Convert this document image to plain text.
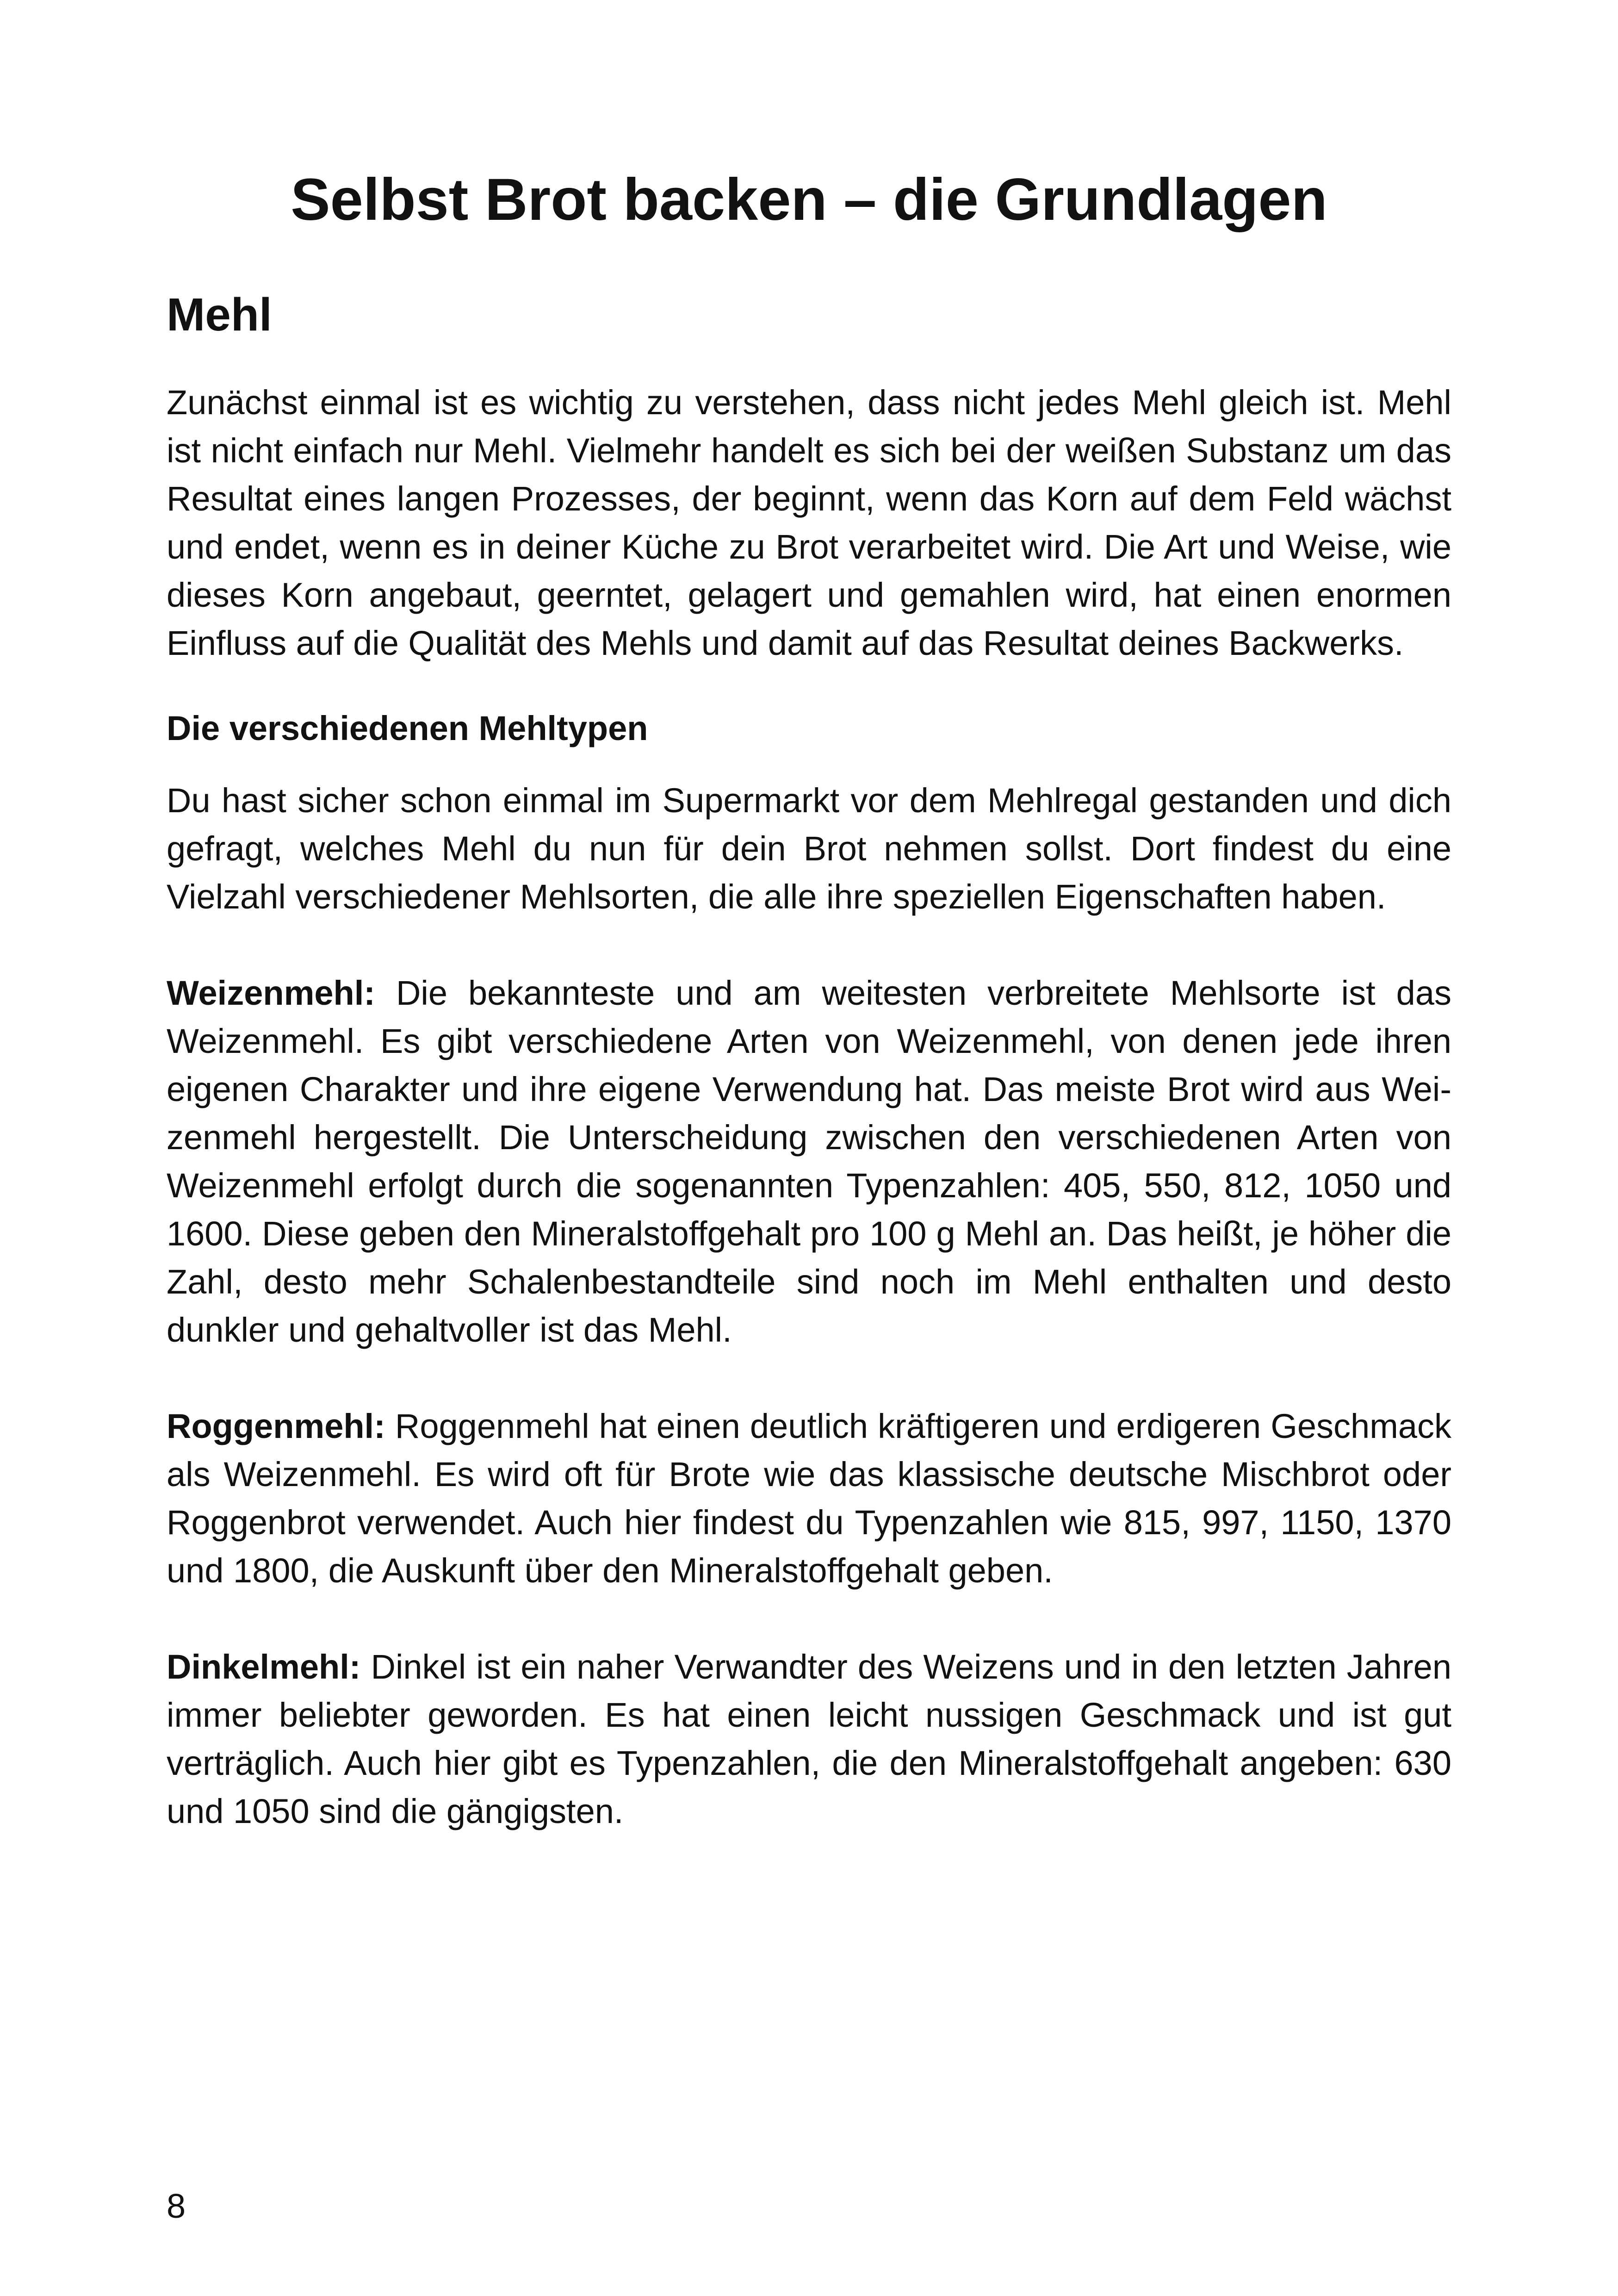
Selbst Brot backen – die Grundlagen
Mehl

Zunächst einmal ist es wichtig zu verstehen, dass nicht jedes Mehl gleich ist. Mehl ist nicht einfach nur Mehl. Vielmehr handelt es sich bei der weißen Substanz um das Resultat eines langen Prozesses, der beginnt, wenn das Korn auf dem Feld wächst und endet, wenn es in deiner Küche zu Brot verarbeitet wird. Die Art und Weise, wie dieses Korn angebaut, geerntet, gelagert und gemahlen wird, hat einen enormen Einfluss auf die Qualität des Mehls und damit auf das Resultat deines Backwerks.

Die verschiedenen Mehltypen

Du hast sicher schon einmal im Supermarkt vor dem Mehlregal gestanden und dich gefragt, welches Mehl du nun für dein Brot nehmen sollst. Dort findest du eine Vielzahl verschiedener Mehlsorten, die alle ihre speziellen Eigenschaften haben.

Weizenmehl: Die bekannteste und am weitesten verbreitete Mehlsorte ist das Weizenmehl. Es gibt verschiedene Arten von Weizenmehl, von denen jede ihren eigenen Charakter und ihre eigene Verwendung hat. Das meiste Brot wird aus Weizenmehl hergestellt. Die Unterscheidung zwischen den verschiedenen Arten von Weizenmehl erfolgt durch die sogenannten Typenzahlen: 405, 550, 812, 1050 und 1600. Diese geben den Mineralstoffgehalt pro 100 g Mehl an. Das heißt, je höher die Zahl, desto mehr Schalenbestandteile sind noch im Mehl enthalten und desto dunkler und gehaltvoller ist das Mehl.

Roggenmehl: Roggenmehl hat einen deutlich kräftigeren und erdigeren Geschmack als Weizenmehl. Es wird oft für Brote wie das klassische deutsche Mischbrot oder Roggenbrot verwendet. Auch hier findest du Typenzahlen wie 815, 997, 1150, 1370 und 1800, die Auskunft über den Mineralstoffgehalt geben.

Dinkelmehl: Dinkel ist ein naher Verwandter des Weizens und in den letzten Jahren immer beliebter geworden. Es hat einen leicht nussigen Geschmack und ist gut verträglich. Auch hier gibt es Typenzahlen, die den Mineralstoffgehalt angeben: 630 und 1050 sind die gängigsten.

8
